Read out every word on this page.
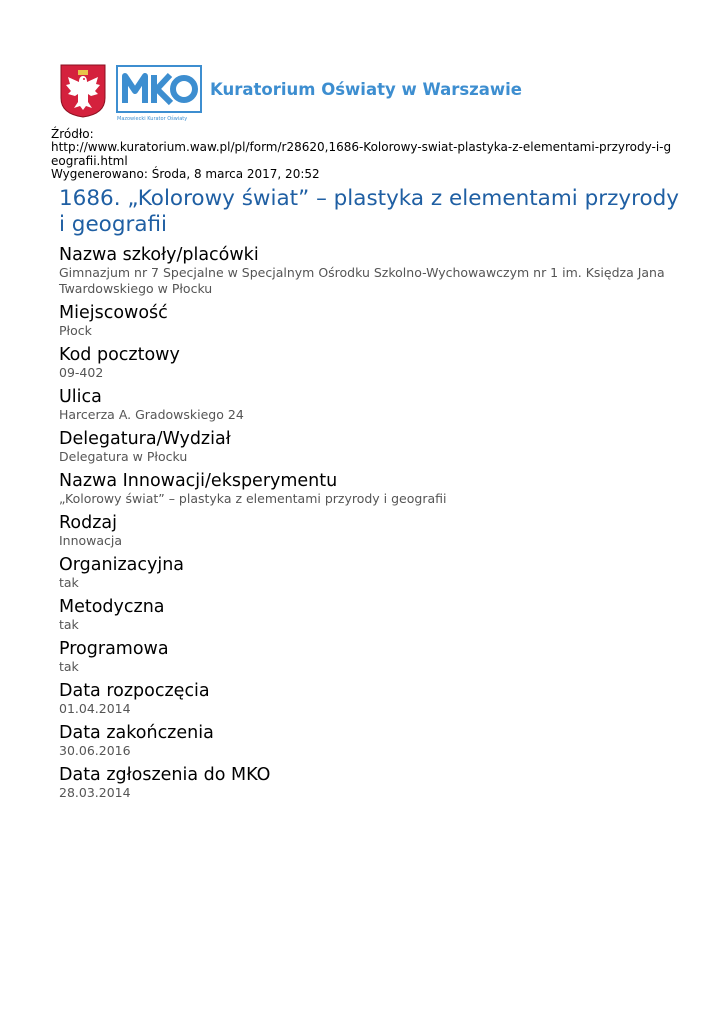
Mazowiecki Kurator Oświaty
Kuratorium Oświaty w Warszawie
Źródło:
http://www.kuratorium.waw.pl/pl/form/r28620,1686-Kolorowy-swiat-plastyka-z-elementami-przyrody-i-geografii.html
Wygenerowano: Środa, 8 marca 2017, 20:52
1686. „Kolorowy świat” – plastyka z elementami przyrody i geografii
Nazwa szkoły/placówki
Gimnazjum nr 7 Specjalne w Specjalnym Ośrodku Szkolno-Wychowawczym nr 1 im. Księdza Jana Twardowskiego w Płocku
Miejscowość
Płock
Kod pocztowy
09-402
Ulica
Harcerza A. Gradowskiego 24
Delegatura/Wydział
Delegatura w Płocku
Nazwa Innowacji/eksperymentu
„Kolorowy świat” – plastyka z elementami przyrody i geografii
Rodzaj
Innowacja
Organizacyjna
tak
Metodyczna
tak
Programowa
tak
Data rozpoczęcia
01.04.2014
Data zakończenia
30.06.2016
Data zgłoszenia do MKO
28.03.2014
